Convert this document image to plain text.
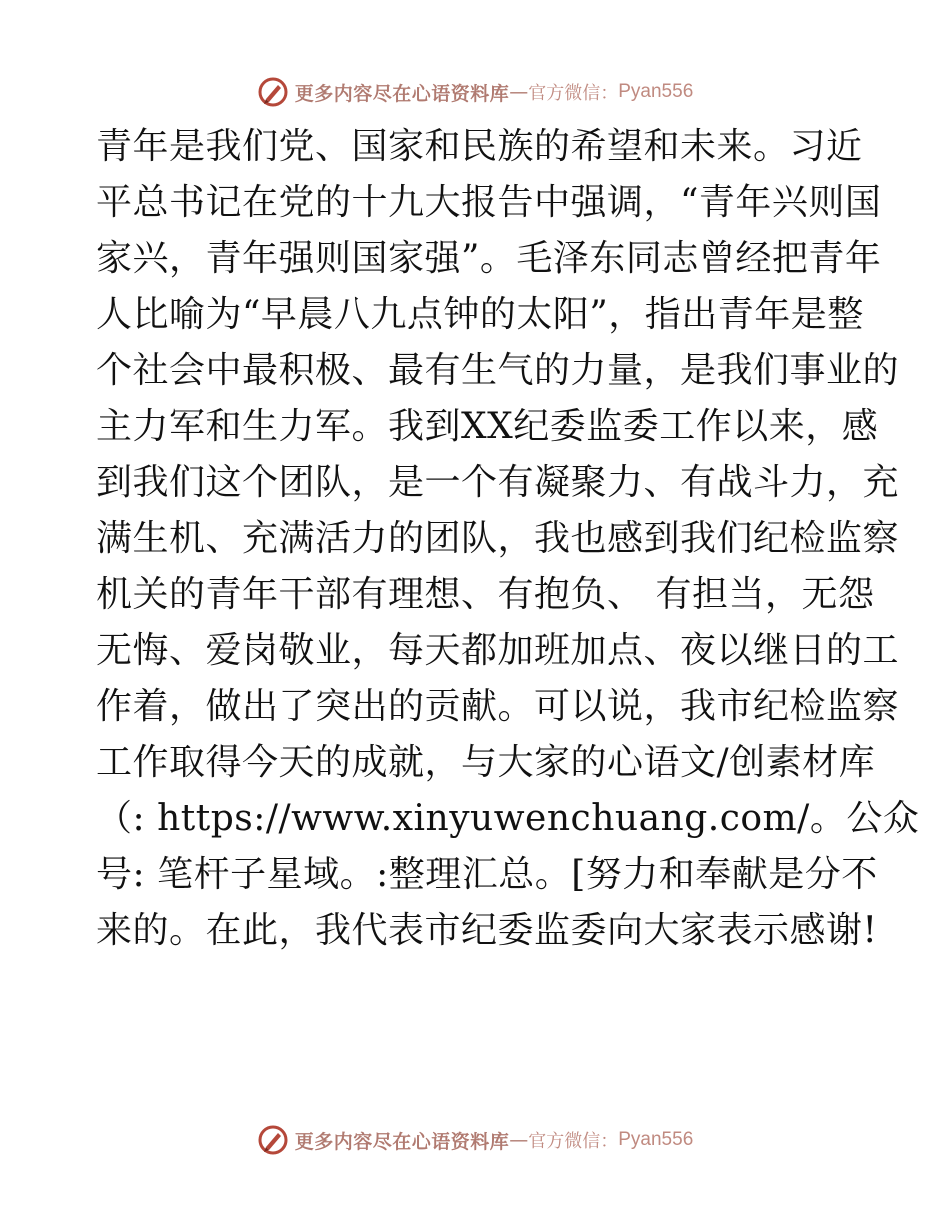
更多内容尽在心语资料库 — 官方微信： Pyan556
青年是我们党、国家和民族的希望和未来。习近
平总书记在党的十九大报告中强调，“青年兴则国
家兴，青年强则国家强”。毛泽东同志曾经把青年
人比喻为“早晨八九点钟的太阳”，指出青年是整
个社会中最积极、最有生气的力量，是我们事业的
主力军和生力军。我到XX纪委监委工作以来，感
到我们这个团队，是一个有凝聚力、有战斗力，充
满生机、充满活力的团队，我也感到我们纪检监察
机关的青年干部有理想、有抱负、 有担当，无怨
无悔、爱岗敬业，每天都加班加点、夜以继日的工
作着，做出了突出的贡献。可以说，我市纪检监察
工作取得今天的成就，与大家的心语文/创素材库
（: https://www.xinyuwenchuang.com/。公众
号: 笔杆子星域。:整理汇总。[努力和奉献是分不
来的。在此，我代表市纪委监委向大家表示感谢!
更多内容尽在心语资料库 — 官方微信： Pyan556
